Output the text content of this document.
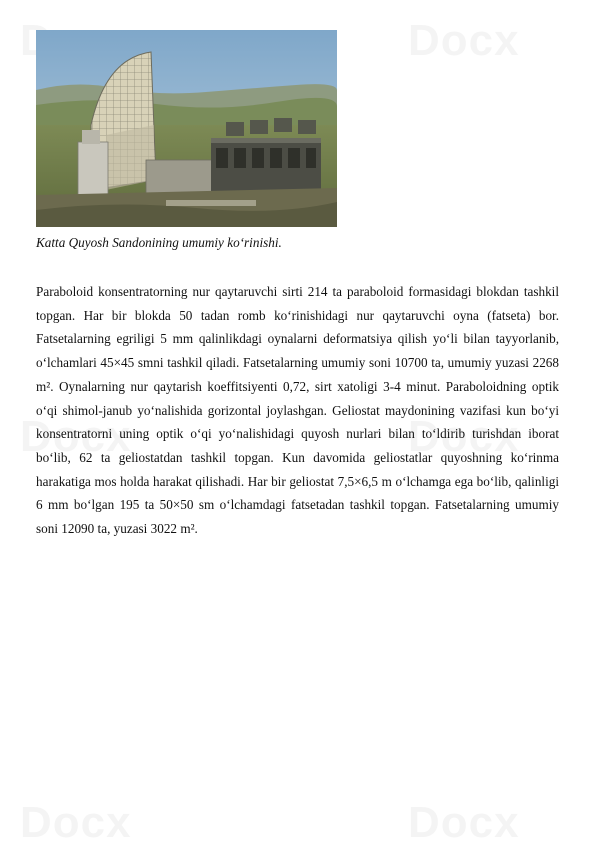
Katta Quyosh Sandonining umumiy ko‘rinishi.

Paraboloid konsentratorning nur qaytaruvchi sirti 214 ta paraboloid formasidagi blokdan tashkil topgan. Har bir blokda 50 tadan romb ko‘rinishidagi nur qaytaruvchi oyna (fatseta) bor. Fatsetalarning egriligi 5 mm qalinlikdagi oynalarni deformatsiya qilish yo‘li bilan tayyorlanib, o‘lchamlari 45×45 smni tashkil qiladi. Fatsetalarning umumiy soni 10700 ta, umumiy yuzasi 2268 m². Oynalarning nur qaytarish koeffitsiyenti 0,72, sirt xatoligi 3-4 minut. Paraboloidning optik o‘qi shimol-janub yo‘nalishida gorizontal joylashgan. Geliostat maydonining vazifasi kun bo‘yi konsentratorni uning optik o‘qi yo‘nalishidagi quyosh nurlari bilan to‘ldirib turishdan iborat bo‘lib, 62 ta geliostatdan tashkil topgan. Kun davomida geliostatlar quyoshning ko‘rinma harakatiga mos holda harakat qilishadi. Har bir geliostat 7,5×6,5 m o‘lchamga ega bo‘lib, qalinligi 6 mm bo‘lgan 195 ta 50×50 sm o‘lchamdagi fatsetadan tashkil topgan. Fatsetalarning umumiy soni 12090 ta, yuzasi 3022 m².
